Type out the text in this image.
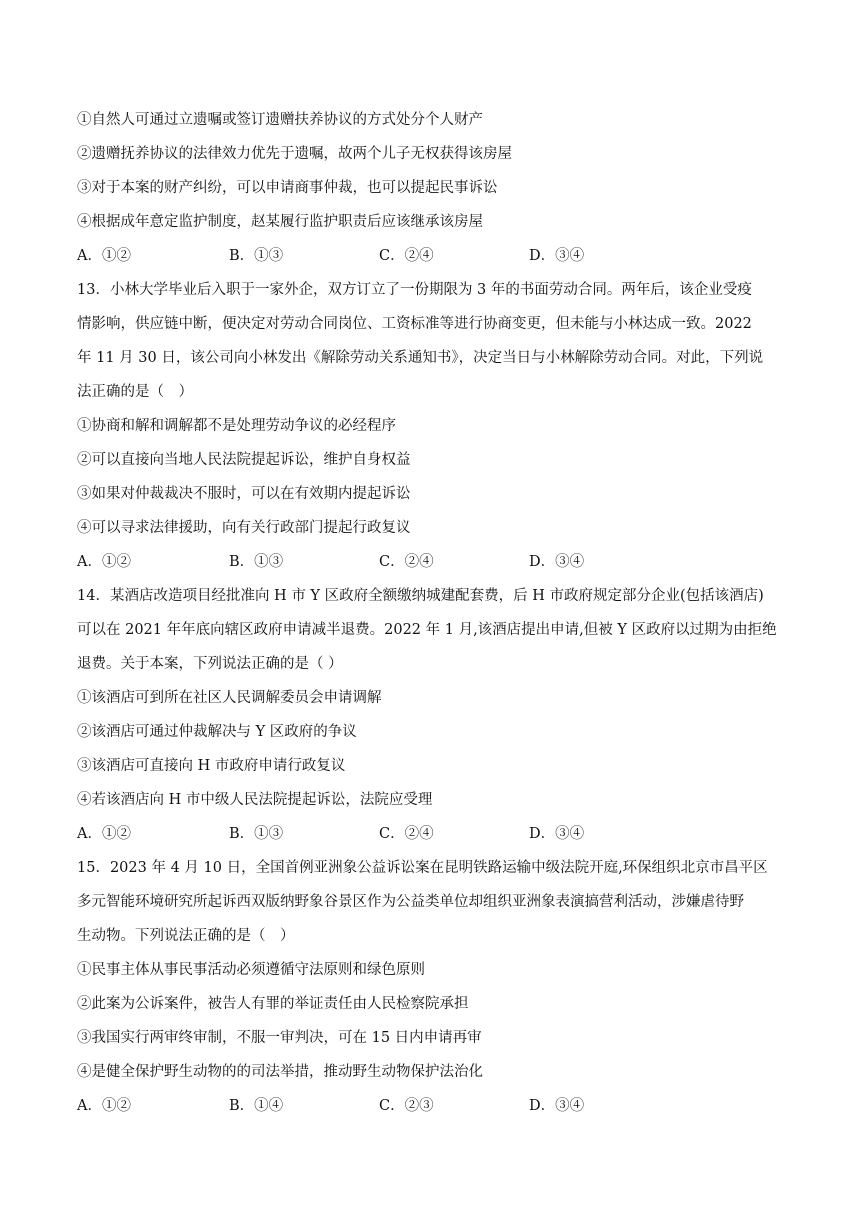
①自然人可通过立遗嘱或签订遗赠扶养协议的方式处分个人财产
②遗赠抚养协议的法律效力优先于遗嘱，故两个儿子无权获得该房屋
③对于本案的财产纠纷，可以申请商事仲裁，也可以提起民事诉讼
④根据成年意定监护制度，赵某履行监护职责后应该继承该房屋
A．①②	B．①③	C．②④	D．③④
13．小林大学毕业后入职于一家外企，双方订立了一份期限为 3 年的书面劳动合同。两年后，该企业受疫
情影响，供应链中断，便决定对劳动合同岗位、工资标准等进行协商变更，但未能与小林达成一致。2022
年 11 月 30 日，该公司向小林发出《解除劳动关系通知书》，决定当日与小林解除劳动合同。对此，下列说
法正确的是（　）
①协商和解和调解都不是处理劳动争议的必经程序
②可以直接向当地人民法院提起诉讼，维护自身权益
③如果对仲裁裁决不服时，可以在有效期内提起诉讼
④可以寻求法律援助，向有关行政部门提起行政复议
A．①②	B．①③	C．②④	D．③④
14．某酒店改造项目经批准向 H 市 Y 区政府全额缴纳城建配套费，后 H 市政府规定部分企业(包括该酒店)
可以在 2021 年年底向辖区政府申请减半退费。2022 年 1 月,该酒店提出申请,但被 Y 区政府以过期为由拒绝
退费。关于本案，下列说法正确的是（ ）
①该酒店可到所在社区人民调解委员会申请调解
②该酒店可通过仲裁解决与 Y 区政府的争议
③该酒店可直接向 H 市政府申请行政复议
④若该酒店向 H 市中级人民法院提起诉讼，法院应受理
A．①②	B．①③	C．②④	D．③④
15．2023 年 4 月 10 日，全国首例亚洲象公益诉讼案在昆明铁路运输中级法院开庭,环保组织北京市昌平区
多元智能环境研究所起诉西双版纳野象谷景区作为公益类单位却组织亚洲象表演搞营利活动，涉嫌虐待野
生动物。下列说法正确的是（　）
①民事主体从事民事活动必须遵循守法原则和绿色原则
②此案为公诉案件，被告人有罪的举证责任由人民检察院承担
③我国实行两审终审制，不服一审判决，可在 15 日内申请再审
④是健全保护野生动物的的司法举措，推动野生动物保护法治化
A．①②	B．①④	C．②③	D．③④
